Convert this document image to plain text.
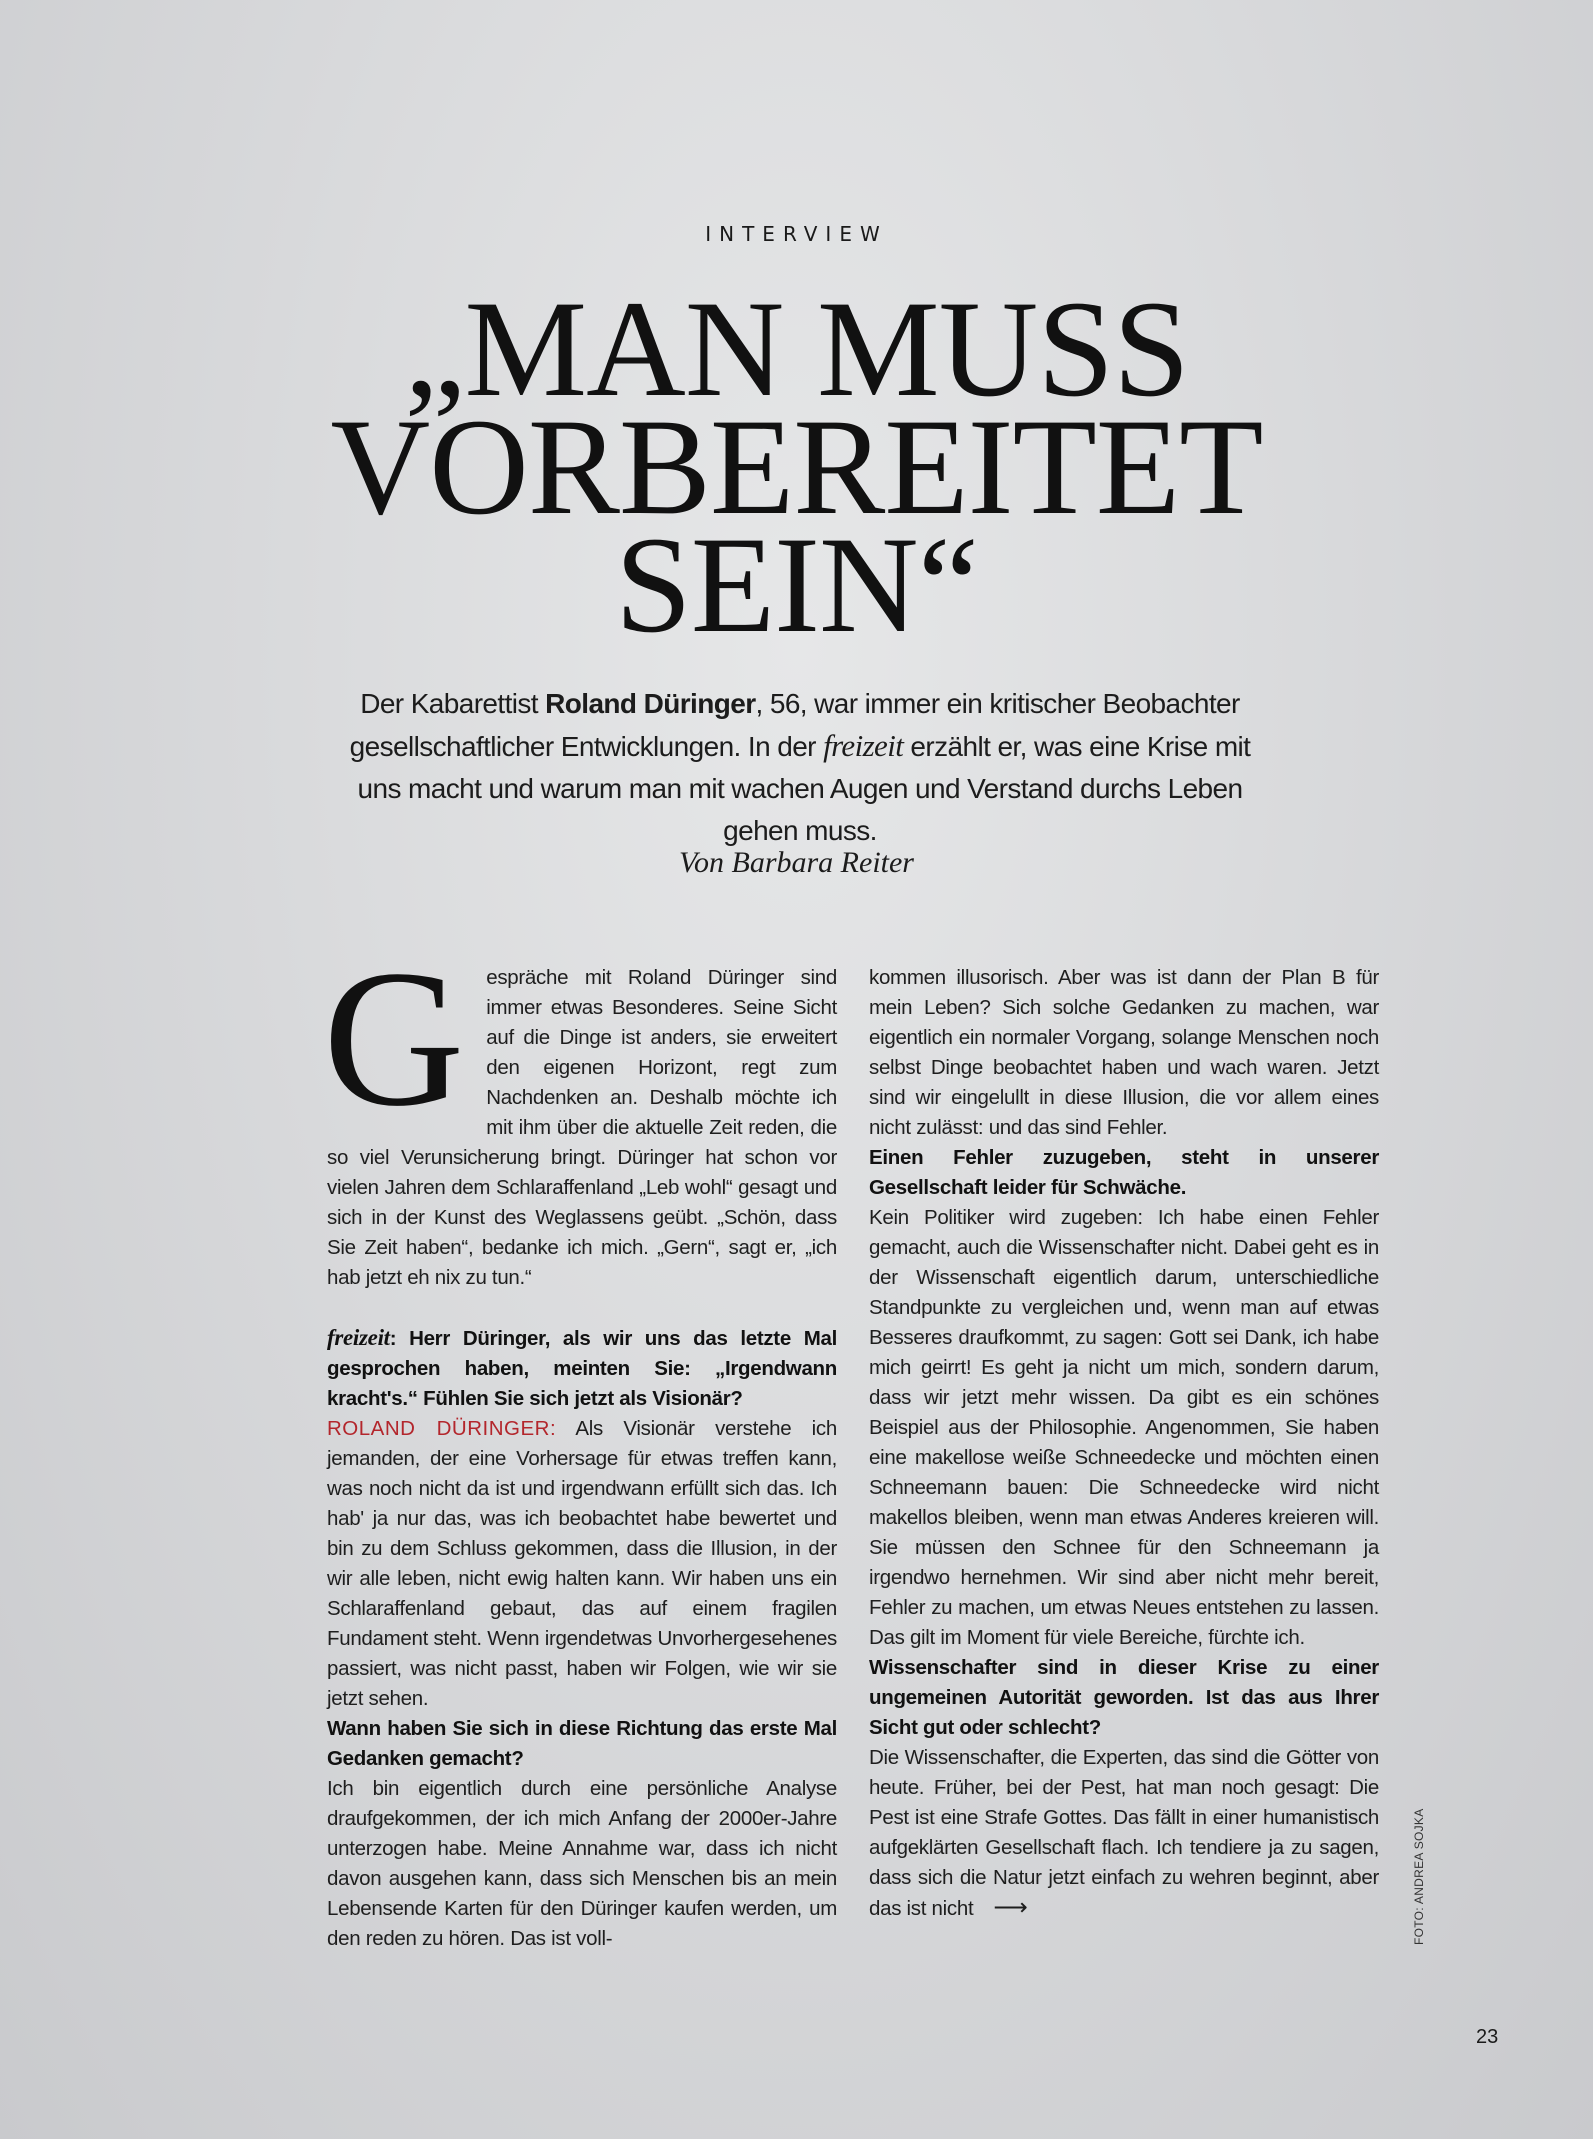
INTERVIEW
„MAN MUSS
VORBEREITET
SEIN“

Der Kabarettist Roland Düringer, 56, war immer ein kritischer Beobachter gesellschaftlicher Entwicklungen. In der freizeit erzählt er, was eine Krise mit uns macht und warum man mit wachen Augen und Verstand durchs Leben gehen muss.

Von Barbara Reiter

G espräche mit Roland Düringer sind immer etwas Besonderes. Seine Sicht auf die Dinge ist anders, sie erweitert den eigenen Horizont, regt zum Nachdenken an. Deshalb möchte ich mit ihm über die aktuelle Zeit reden, die so viel Verunsicherung bringt. Düringer hat schon vor vielen Jahren dem Schlaraffenland „Leb wohl“ gesagt und sich in der Kunst des Weglassens geübt. „Schön, dass Sie Zeit haben“, bedanke ich mich. „Gern“, sagt er, „ich hab jetzt eh nix zu tun.“

freizeit: Herr Düringer, als wir uns das letzte Mal gesprochen haben, meinten Sie: „Irgendwann kracht's.“ Fühlen Sie sich jetzt als Visionär?

ROLAND DÜRINGER: Als Visionär verstehe ich jemanden, der eine Vorhersage für etwas treffen kann, was noch nicht da ist und irgendwann erfüllt sich das. Ich hab' ja nur das, was ich beobachtet habe bewertet und bin zu dem Schluss gekommen, dass die Illusion, in der wir alle leben, nicht ewig halten kann. Wir haben uns ein Schlaraffenland gebaut, das auf einem fragilen Fundament steht. Wenn irgendetwas Unvorhergesehenes passiert, was nicht passt, haben wir Folgen, wie wir sie jetzt sehen.

Wann haben Sie sich in diese Richtung das erste Mal Gedanken gemacht?

Ich bin eigentlich durch eine persönliche Analyse draufgekommen, der ich mich Anfang der 2000er-Jahre unterzogen habe. Meine Annahme war, dass ich nicht davon ausgehen kann, dass sich Menschen bis an mein Lebensende Karten für den Düringer kaufen werden, um den reden zu hören. Das ist voll-

kommen illusorisch. Aber was ist dann der Plan B für mein Leben? Sich solche Gedanken zu machen, war eigentlich ein normaler Vorgang, solange Menschen noch selbst Dinge beobachtet haben und wach waren. Jetzt sind wir eingelullt in diese Illusion, die vor allem eines nicht zulässt: und das sind Fehler.

Einen Fehler zuzugeben, steht in unserer Gesellschaft leider für Schwäche.

Kein Politiker wird zugeben: Ich habe einen Fehler gemacht, auch die Wissenschafter nicht. Dabei geht es in der Wissenschaft eigentlich darum, unterschiedliche Standpunkte zu vergleichen und, wenn man auf etwas Besseres draufkommt, zu sagen: Gott sei Dank, ich habe mich geirrt! Es geht ja nicht um mich, sondern darum, dass wir jetzt mehr wissen. Da gibt es ein schönes Beispiel aus der Philosophie. Angenommen, Sie haben eine makellose weiße Schneedecke und möchten einen Schneemann bauen: Die Schneedecke wird nicht makellos bleiben, wenn man etwas Anderes kreieren will. Sie müssen den Schnee für den Schneemann ja irgendwo hernehmen. Wir sind aber nicht mehr bereit, Fehler zu machen, um etwas Neues entstehen zu lassen. Das gilt im Moment für viele Bereiche, fürchte ich.

Wissenschafter sind in dieser Krise zu einer ungemeinen Autorität geworden. Ist das aus Ihrer Sicht gut oder schlecht?

Die Wissenschafter, die Experten, das sind die Götter von heute. Früher, bei der Pest, hat man noch gesagt: Die Pest ist eine Strafe Gottes. Das fällt in einer humanistisch aufgeklärten Gesellschaft flach. Ich tendiere ja zu sagen, dass sich die Natur jetzt einfach zu wehren beginnt, aber das ist nicht ⟶	FOTO: ANDREA SOJKA
23
